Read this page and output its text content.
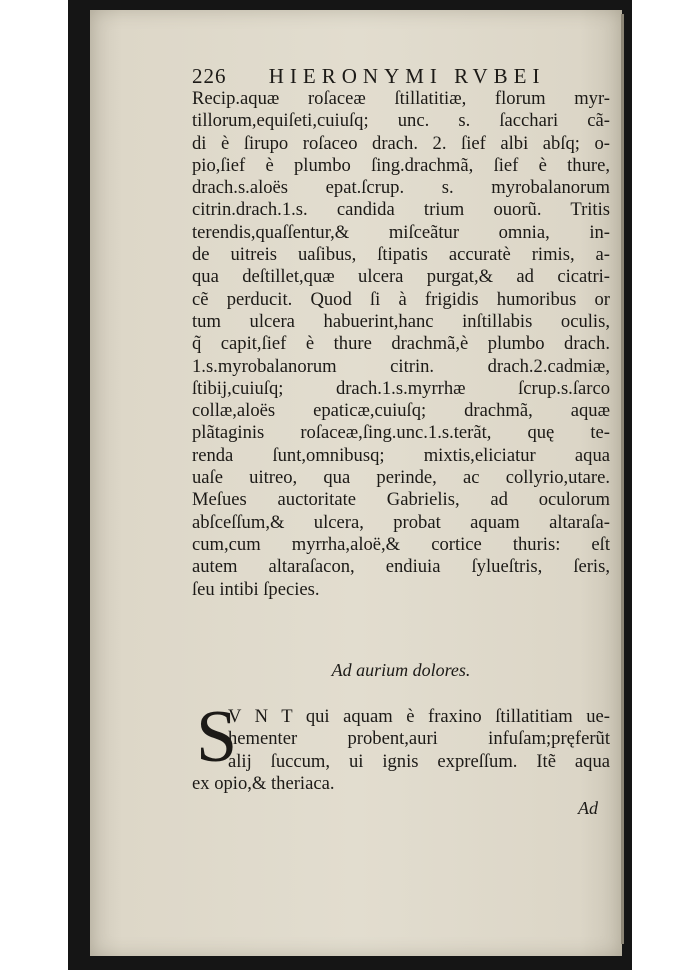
226 HIERONYMI RVBEI
Recip.aquæ roſaceæ ſtillatitiæ, florum myr-
tillorum,equiſeti,cuiuſq; unc. s. ſacchari cã-
di è ſirupo roſaceo drach. 2. ſief albi abſq; o-
pio,ſief è plumbo ſing.drachmã, ſief è thure,
drach.s.aloës epat.ſcrup. s. myrobalanorum
citrin.drach.1.s. candida trium ouorũ. Tritis
terendis,quaſſentur,& miſceãtur omnia, in-
de uitreis uaſibus, ſtipatis accuratè rimis, a-
qua deſtillet,quæ ulcera purgat,& ad cicatri-
cẽ perducit. Quod ſi à frigidis humoribus or
tum ulcera habuerint,hanc inſtillabis oculis,
q̃ capit,ſief è thure drachmã,è plumbo drach.
1.s.myrobalanorum citrin. drach.2.cadmiæ,
ſtibij,cuiuſq; drach.1.s.myrrhæ ſcrup.s.ſarco
collæ,aloës epaticæ,cuiuſq; drachmã, aquæ
plãtaginis roſaceæ,ſing.unc.1.s.terãt, quę te-
renda ſunt,omnibusq; mixtis,eliciatur aqua
uaſe uitreo, qua perinde, ac collyrio,utare.
Meſues auctoritate Gabrielis, ad oculorum
abſceſſum,& ulcera, probat aquam altaraſa-
cum,cum myrrha,aloë,& cortice thuris: eſt
autem altaraſacon, endiuia ſylueſtris, ſeris,
ſeu intibi ſpecies.
Ad aurium dolores.
S
V N T qui aquam è fraxino ſtillatitiam ue-
hementer probent,auri infuſam;pręferũt
alij ſuccum, ui ignis expreſſum. Itẽ aqua
ex opio,& theriaca.
Ad
